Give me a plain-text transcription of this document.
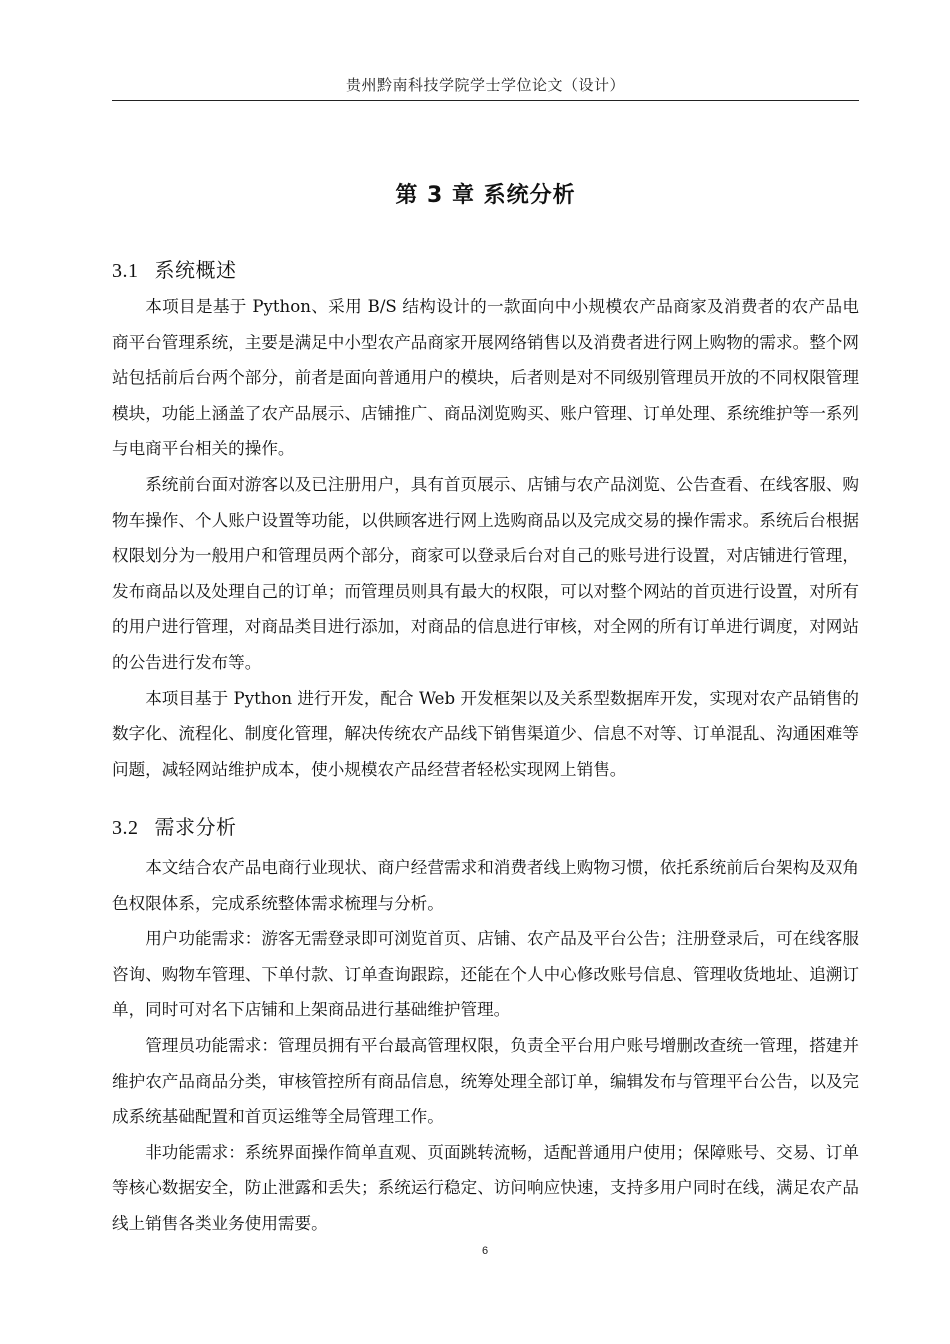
贵州黔南科技学院学士学位论文（设计）
第 3 章 系统分析
3.1 系统概述

本项目是基于 Python、采用 B/S 结构设计的一款面向中小规模农产品商家及消费者的农产品电商平台管理系统，主要是满足中小型农产品商家开展网络销售以及消费者进行网上购物的需求。整个网站包括前后台两个部分，前者是面向普通用户的模块，后者则是对不同级别管理员开放的不同权限管理模块，功能上涵盖了农产品展示、店铺推广、商品浏览购买、账户管理、订单处理、系统维护等一系列与电商平台相关的操作。

系统前台面对游客以及已注册用户，具有首页展示、店铺与农产品浏览、公告查看、在线客服、购物车操作、个人账户设置等功能，以供顾客进行网上选购商品以及完成交易的操作需求。系统后台根据权限划分为一般用户和管理员两个部分，商家可以登录后台对自己的账号进行设置，对店铺进行管理，发布商品以及处理自己的订单；而管理员则具有最大的权限，可以对整个网站的首页进行设置，对所有的用户进行管理，对商品类目进行添加，对商品的信息进行审核，对全网的所有订单进行调度，对网站的公告进行发布等。

本项目基于 Python 进行开发，配合 Web 开发框架以及关系型数据库开发，实现对农产品销售的数字化、流程化、制度化管理，解决传统农产品线下销售渠道少、信息不对等、订单混乱、沟通困难等问题，减轻网站维护成本，使小规模农产品经营者轻松实现网上销售。

3.2 需求分析

本文结合农产品电商行业现状、商户经营需求和消费者线上购物习惯，依托系统前后台架构及双角色权限体系，完成系统整体需求梳理与分析。

用户功能需求：游客无需登录即可浏览首页、店铺、农产品及平台公告；注册登录后，可在线客服咨询、购物车管理、下单付款、订单查询跟踪，还能在个人中心修改账号信息、管理收货地址、追溯订单，同时可对名下店铺和上架商品进行基础维护管理。

管理员功能需求：管理员拥有平台最高管理权限，负责全平台用户账号增删改查统一管理，搭建并维护农产品商品分类，审核管控所有商品信息，统筹处理全部订单，编辑发布与管理平台公告，以及完成系统基础配置和首页运维等全局管理工作。

非功能需求：系统界面操作简单直观、页面跳转流畅，适配普通用户使用；保障账号、交易、订单等核心数据安全，防止泄露和丢失；系统运行稳定、访问响应快速，支持多用户同时在线，满足农产品线上销售各类业务使用需要。

6
